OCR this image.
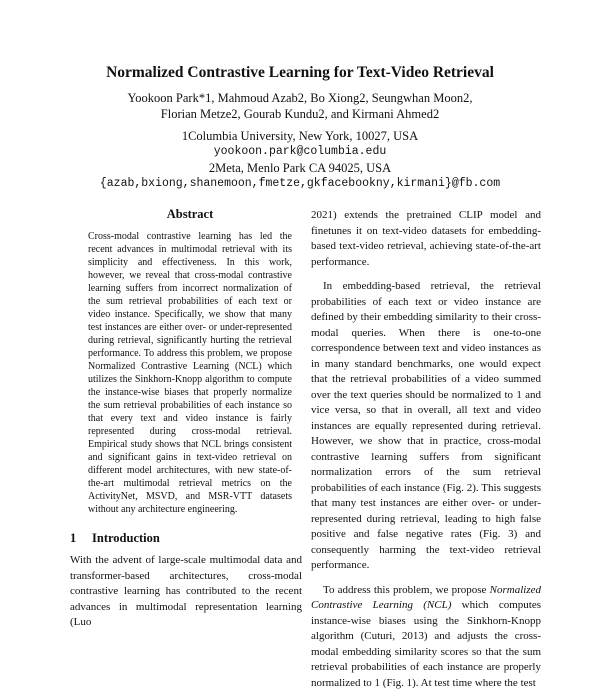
Normalized Contrastive Learning for Text-Video Retrieval
Yookoon Park*1, Mahmoud Azab2, Bo Xiong2, Seungwhan Moon2,
Florian Metze2, Gourab Kundu2, and Kirmani Ahmed2
1Columbia University, New York, 10027, USA
yookoon.park@columbia.edu
2Meta, Menlo Park CA 94025, USA
{azab,bxiong,shanemoon,fmetze,gkfacebookny,kirmani}@fb.com
Abstract

Cross-modal contrastive learning has led the recent advances in multimodal retrieval with its simplicity and effectiveness. In this work, however, we reveal that cross-modal contrastive learning suffers from incorrect normalization of the sum retrieval probabilities of each text or video instance. Specifically, we show that many test instances are either over- or under-represented during retrieval, significantly hurting the retrieval performance. To address this problem, we propose Normalized Contrastive Learning (NCL) which utilizes the Sinkhorn-Knopp algorithm to compute the instance-wise biases that properly normalize the sum retrieval probabilities of each instance so that every text and video instance is fairly represented during cross-modal retrieval. Empirical study shows that NCL brings consistent and significant gains in text-video retrieval on different model architectures, with new state-of-the-art multimodal retrieval metrics on the ActivityNet, MSVD, and MSR-VTT datasets without any architecture engineering.

1 Introduction

With the advent of large-scale multimodal data and transformer-based architectures, cross-modal contrastive learning has contributed to the recent advances in multimodal representation learning (Luo

2021) extends the pretrained CLIP model and finetunes it on text-video datasets for embedding-based text-video retrieval, achieving state-of-the-art performance.

In embedding-based retrieval, the retrieval probabilities of each text or video instance are defined by their embedding similarity to their cross-modal queries. When there is one-to-one correspondence between text and video instances as in many standard benchmarks, one would expect that the retrieval probabilities of a video summed over the text queries should be normalized to 1 and vice versa, so that in overall, all text and video instances are equally represented during retrieval. However, we show that in practice, cross-modal contrastive learning suffers from significant normalization errors of the sum retrieval probabilities of each instance (Fig. 2). This suggests that many test instances are either over- or under-represented during retrieval, leading to high false positive and false negative rates (Fig. 3) and consequently harming the text-video retrieval performance.

To address this problem, we propose Normalized Contrastive Learning (NCL) which computes instance-wise biases using the Sinkhorn-Knopp algorithm (Cuturi, 2013) and adjusts the cross-modal embedding similarity scores so that the sum retrieval probabilities of each instance are properly normalized to 1 (Fig. 1). At test time where the test
